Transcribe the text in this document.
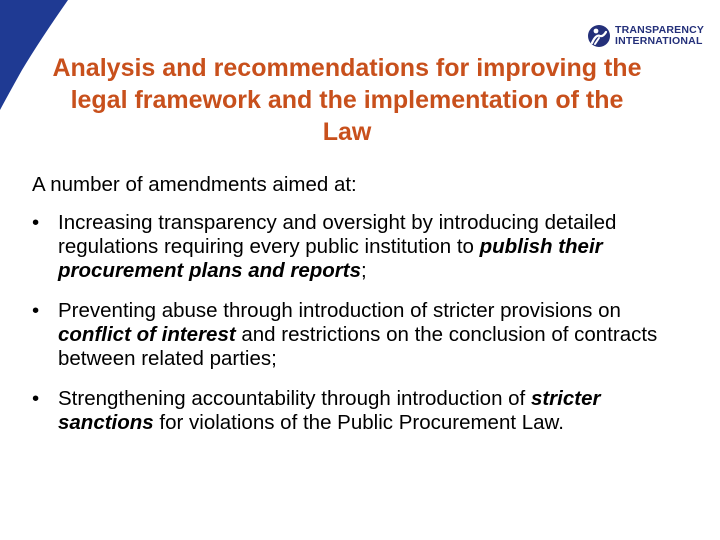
TRANSPARENCY
INTERNATIONAL
Analysis and recommendations for improving the
legal framework and the implementation of the
Law

A number of amendments aimed at:

• Increasing transparency and oversight by introducing detailed regulations requiring every public institution to publish their procurement plans and reports;
• Preventing abuse through introduction of stricter provisions on conflict of interest and restrictions on the conclusion of contracts between related parties;
• Strengthening accountability through introduction of stricter sanctions for violations of the Public Procurement Law.
